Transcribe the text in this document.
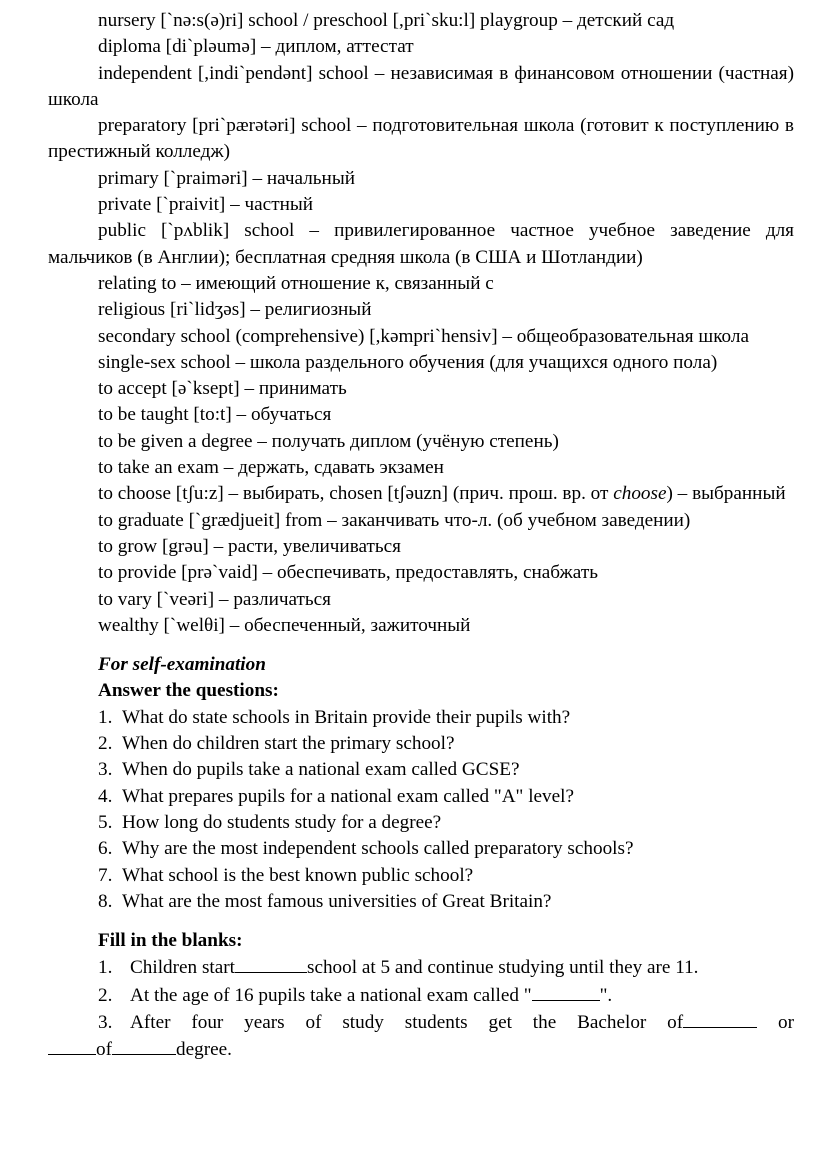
nursery [`nə:s(ə)ri] school / preschool [,pri`sku:l] playgroup – детский сад

diploma [di`pləumə] – диплом, аттестат

independent [,indi`pendənt] school – независимая в финансовом отношении (частная) школа

preparatory [pri`pærətəri] school – подготовительная школа (готовит к поступлению в престижный колледж)

primary [`praiməri] – начальный

private [`praivit] – частный

public [`pʌblik] school – привилегированное частное учебное заведение для мальчиков (в Англии); бесплатная средняя школа (в США и Шотландии)

relating to – имеющий отношение к, связанный с

religious [ri`lidʒəs] – религиозный

secondary school (comprehensive) [,kəmpri`hensiv] – общеобразовательная школа

single-sex school – школа раздельного обучения (для учащихся одного пола)

to accept [ə`ksept] – принимать

to be taught [to:t] – обучаться

to be given a degree – получать диплом (учёную степень)

to take an exam – держать, сдавать экзамен

to choose [tʃu:z] – выбирать, chosen [tʃəuzn] (прич. прош. вр. от choose) – выбранный

to graduate [`grædjueit] from – заканчивать что-л. (об учебном заведении)

to grow [grəu] – расти, увеличиваться

to provide [prə`vaid] – обеспечивать, предоставлять, снабжать

to vary [`veəri] – различаться

wealthy [`welθi] – обеспеченный, зажиточный

For self-examination

Answer the questions:

1. What do state schools in Britain provide their pupils with?

2. When do children start the primary school?

3. When do pupils take a national exam called GCSE?

4. What prepares pupils for a national exam called "A" level?

5. How long do students study for a degree?

6. Why are the most independent schools called preparatory schools?

7. What school is the best known public school?

8. What are the most famous universities of Great Britain?

Fill in the blanks:

1. Children start	school at 5 and continue studying until they are 11.

2. At the age of 16 pupils take a national exam called "	".

3. After four years of study students get the Bachelor of	or

of	degree.
